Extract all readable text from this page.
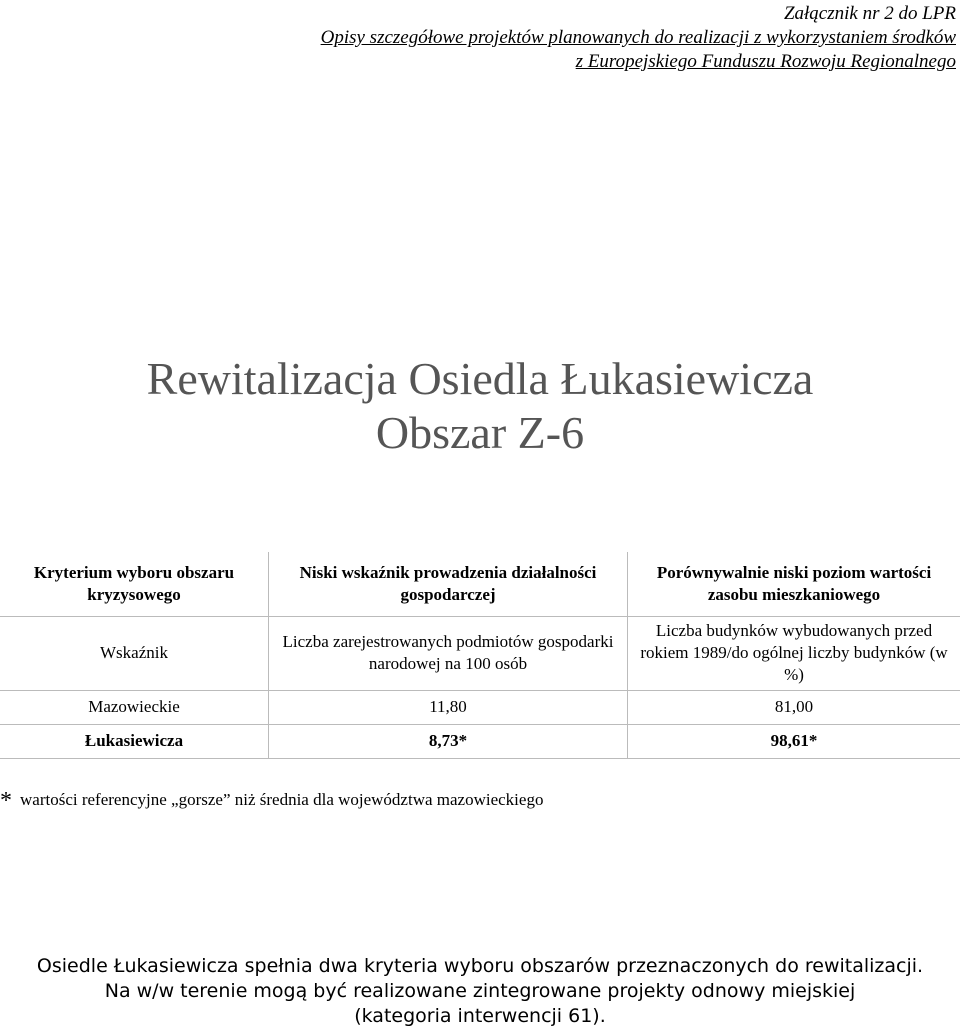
Załącznik nr 2 do LPR
Opisy szczegółowe projektów planowanych do realizacji z wykorzystaniem środków
z Europejskiego Funduszu Rozwoju Regionalnego
Rewitalizacja Osiedla Łukasiewicza
Obszar Z-6
Kryterium wyboru obszaru kryzysowego	Niski wskaźnik prowadzenia działalności gospodarczej	Porównywalnie niski poziom wartości zasobu mieszkaniowego
Wskaźnik	Liczba zarejestrowanych podmiotów gospodarki narodowej na 100 osób	Liczba budynków wybudowanych przed rokiem 1989/do ogólnej liczby budynków (w %)
Mazowieckie	11,80	81,00
Łukasiewicza	8,73*	98,61*
* wartości referencyjne „gorsze” niż średnia dla województwa mazowieckiego
Osiedle Łukasiewicza spełnia dwa kryteria wyboru obszarów przeznaczonych do rewitalizacji.
Na w/w terenie mogą być realizowane zintegrowane projekty odnowy miejskiej
(kategoria interwencji 61).
